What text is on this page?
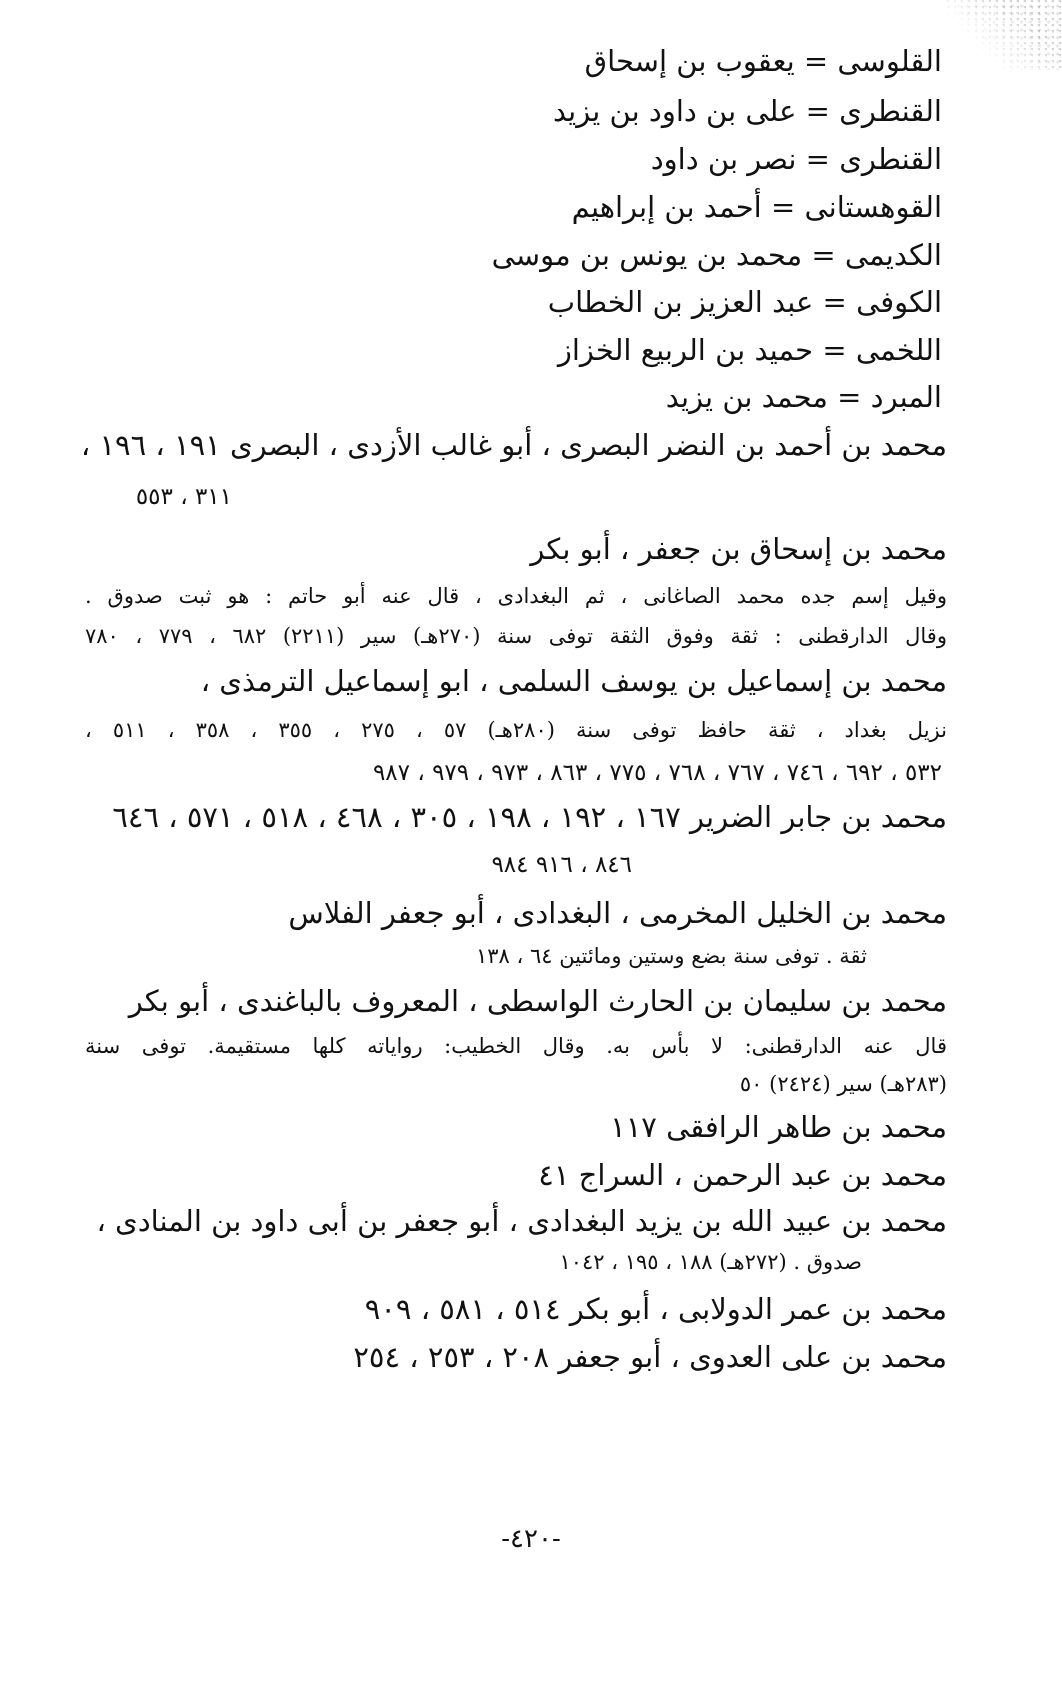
القلوسى = يعقوب بن إسحاق
القنطرى = على بن داود بن يزيد
القنطرى = نصر بن داود
القوهستانى = أحمد بن إبراهيم
الكديمى = محمد بن يونس بن موسى
الكوفى = عبد العزيز بن الخطاب
اللخمى = حميد بن الربيع الخزاز
المبرد = محمد بن يزيد
محمد بن أحمد بن النضر البصرى ، أبو غالب الأزدى ، البصرى ١٩١ ، ١٩٦ ،
٣١١ ، ٥٥٣
محمد بن إسحاق بن جعفر ، أبو بكر
وقيل إسم جده محمد الصاغانى ، ثم البغدادى ، قال عنه أبو حاتم : هو ثبت صدوق .
وقال الدارقطنى : ثقة وفوق الثقة توفى سنة (٢٧٠هـ) سير (٢٢١١) ٦٨٢ ، ٧٧٩ ، ٧٨٠
محمد بن إسماعيل بن يوسف السلمى ، ابو إسماعيل الترمذى ،
نزيل بغداد ، ثقة حافظ توفى سنة (٢٨٠هـ) ٥٧ ، ٢٧٥ ، ٣٥٥ ، ٣٥٨ ، ٥١١ ،
٥٣٢ ، ٦٩٢ ، ٧٤٦ ، ٧٦٧ ، ٧٦٨ ، ٧٧٥ ، ٨٦٣ ، ٩٧٣ ، ٩٧٩ ، ٩٨٧
محمد بن جابر الضرير ١٦٧ ، ١٩٢ ، ١٩٨ ، ٣٠٥ ، ٤٦٨ ، ٥١٨ ، ٥٧١ ، ٦٤٦
٨٤٦ ، ٩١٦ ٩٨٤
محمد بن الخليل المخرمى ، البغدادى ، أبو جعفر الفلاس
ثقة . توفى سنة بضع وستين ومائتين ٦٤ ، ١٣٨
محمد بن سليمان بن الحارث الواسطى ، المعروف بالباغندى ، أبو بكر
قال عنه الدارقطنى: لا بأس به. وقال الخطيب: رواياته كلها مستقيمة. توفى سنة
(٢٨٣هـ) سير (٢٤٢٤) ٥٠
محمد بن طاهر الرافقى ١١٧
محمد بن عبد الرحمن ، السراج ٤١
محمد بن عبيد الله بن يزيد البغدادى ، أبو جعفر بن أبى داود بن المنادى ،
صدوق . (٢٧٢هـ) ١٨٨ ، ١٩٥ ، ١٠٤٢
محمد بن عمر الدولابى ، أبو بكر ٥١٤ ، ٥٨١ ، ٩٠٩
محمد بن على العدوى ، أبو جعفر ٢٠٨ ، ٢٥٣ ، ٢٥٤
-٤٢٠-
